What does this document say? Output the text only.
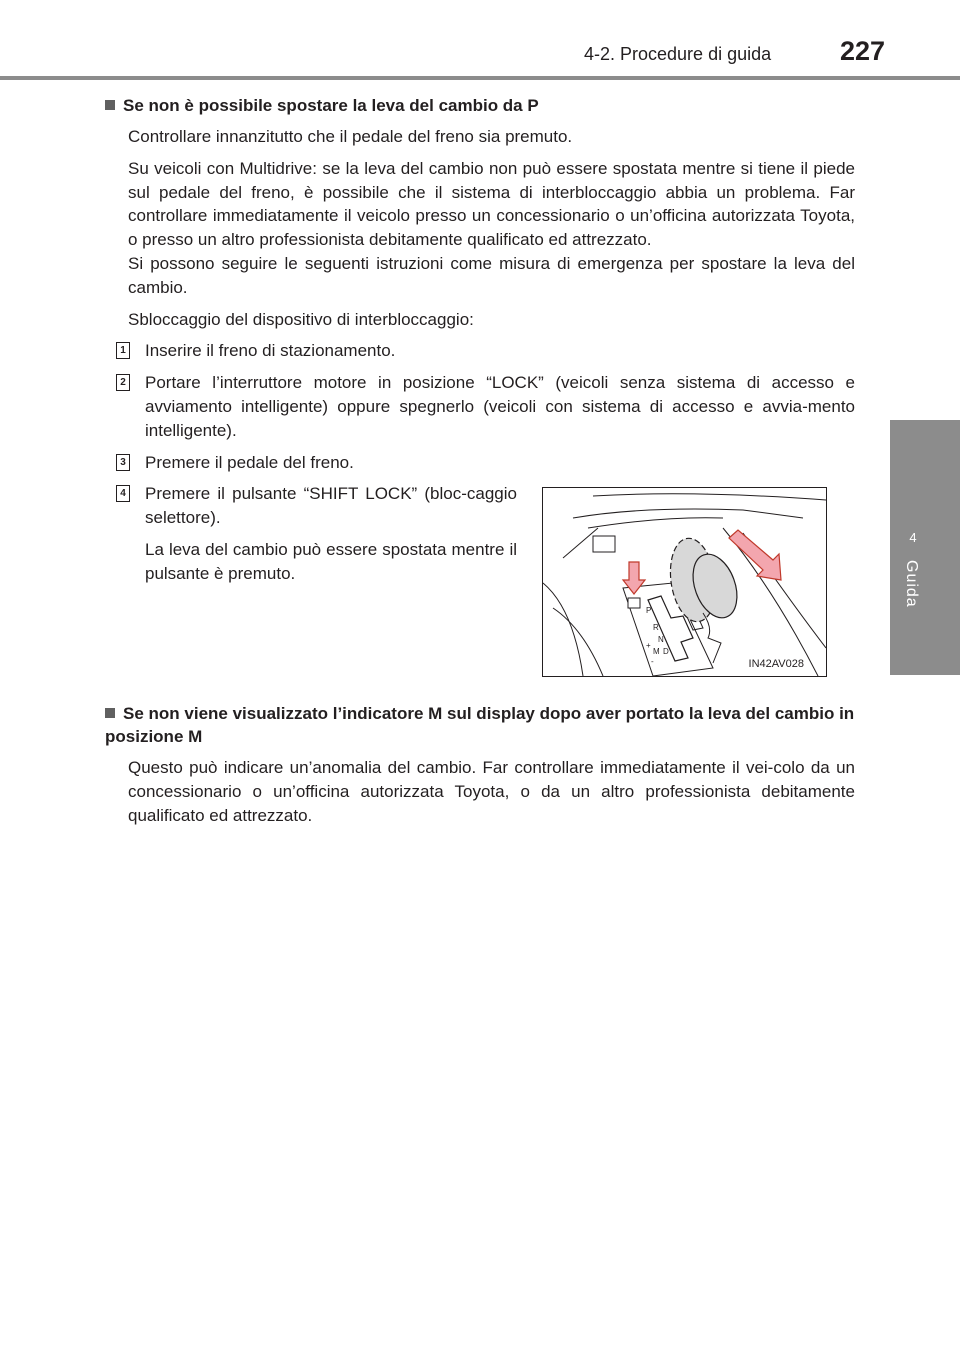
4-2. Procedure di guida	227
4
Guida
Se non è possibile spostare la leva del cambio da P

Controllare innanzitutto che il pedale del freno sia premuto.

Su veicoli con Multidrive: se la leva del cambio non può essere spostata mentre si tiene il piede sul pedale del freno, è possibile che il sistema di interbloccaggio abbia un problema. Far controllare immediatamente il veicolo presso un concessionario o un’officina autorizzata Toyota, o presso un altro professionista debitamente qualificato ed attrezzato.

Si possono seguire le seguenti istruzioni come misura di emergenza per spostare la leva del cambio.

Sbloccaggio del dispositivo di interbloccaggio:

1 Inserire il freno di stazionamento.

2 Portare l’interruttore motore in posizione “LOCK” (veicoli senza sistema di accesso e avviamento intelligente) oppure spegnerlo (veicoli con sistema di accesso e avvia-mento intelligente).

3 Premere il pedale del freno.

4 Premere il pulsante “SHIFT LOCK” (bloc-caggio selettore).

La leva del cambio può essere spostata mentre il pulsante è premuto.

P
R
N
D
M
+
-	IN42AV028
Se non viene visualizzato l’indicatore M sul display dopo aver portato la leva del cambio in posizione M

Questo può indicare un’anomalia del cambio. Far controllare immediatamente il vei-colo da un concessionario o un’officina autorizzata Toyota, o da un altro professionista debitamente qualificato ed attrezzato.
